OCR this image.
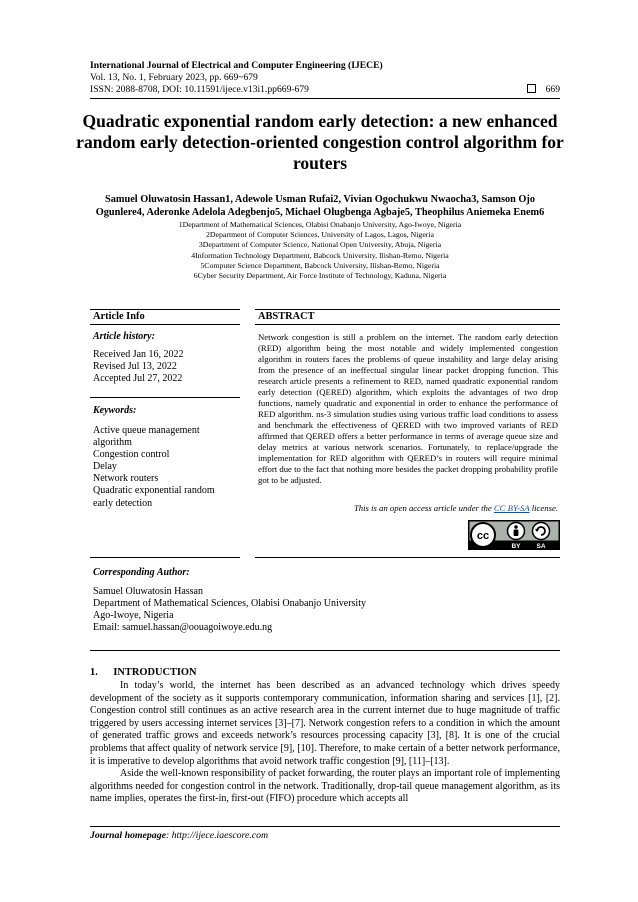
International Journal of Electrical and Computer Engineering (IJECE)
Vol. 13, No. 1, February 2023, pp. 669~679
ISSN: 2088-8708, DOI: 10.11591/ijece.v13i1.pp669-679	669
Quadratic exponential random early detection: a new enhanced random early detection-oriented congestion control algorithm for routers
Samuel Oluwatosin Hassan1, Adewole Usman Rufai2, Vivian Ogochukwu Nwaocha3, Samson Ojo
Ogunlere4, Aderonke Adelola Adegbenjo5, Michael Olugbenga Agbaje5, Theophilus Aniemeka Enem6
1Department of Mathematical Sciences, Olabisi Onabanjo University, Ago-Iwoye, Nigeria
2Department of Computer Sciences, University of Lagos, Lagos, Nigeria
3Department of Computer Science, National Open University, Abuja, Nigeria
4Information Technology Department, Babcock University, Ilishan-Remo, Nigeria
5Computer Science Department, Babcock University, Ilishan-Remo, Nigeria
6Cyber Security Department, Air Force Institute of Technology, Kaduna, Nigeria
Article Info
Article history:
Received Jan 16, 2022
Revised Jul 13, 2022
Accepted Jul 27, 2022
Keywords:
Active queue management
algorithm
Congestion control
Delay
Network routers
Quadratic exponential random
early detection
ABSTRACT
Network congestion is still a problem on the internet. The random early detection (RED) algorithm being the most notable and widely implemented congestion algorithm in routers faces the problems of queue instability and large delay arising from the presence of an ineffectual singular linear packet dropping function. This research article presents a refinement to RED, named quadratic exponential random early detection (QERED) algorithm, which exploits the advantages of two drop functions, namely quadratic and exponential in order to enhance the performance of RED algorithm. ns-3 simulation studies using various traffic load conditions to assess and benchmark the effectiveness of QERED with two improved variants of RED affirmed that QERED offers a better performance in terms of average queue size and delay metrics at various network scenarios. Fortunately, to replace/upgrade the implementation for RED algorithm with QERED’s in routers will require minimal effort due to the fact that nothing more besides the packet dropping probability profile got to be adjusted.
This is an open access article under the CC BY-SA license.
cc
BY SA
Corresponding Author:
Samuel Oluwatosin Hassan
Department of Mathematical Sciences, Olabisi Onabanjo University
Ago-Iwoye, Nigeria
Email: samuel.hassan@oouagoiwoye.edu.ng
1.      INTRODUCTION

In today’s world, the internet has been described as an advanced technology which drives speedy development of the society as it supports contemporary communication, information sharing and services [1], [2]. Congestion control still continues as an active research area in the current internet due to huge magnitude of traffic triggered by users accessing internet services [3]–[7]. Network congestion refers to a condition in which the amount of generated traffic grows and exceeds network’s resources processing capacity [3], [8]. It is one of the crucial problems that affect quality of network service [9], [10]. Therefore, to make certain of a better network performance, it is imperative to develop algorithms that avoid network traffic congestion [9], [11]–[13].

Aside the well-known responsibility of packet forwarding, the router plays an important role of implementing algorithms needed for congestion control in the network. Traditionally, drop-tail queue management algorithm, as its name implies, operates the first-in, first-out (FIFO) procedure which accepts all

Journal homepage: http://ijece.iaescore.com
